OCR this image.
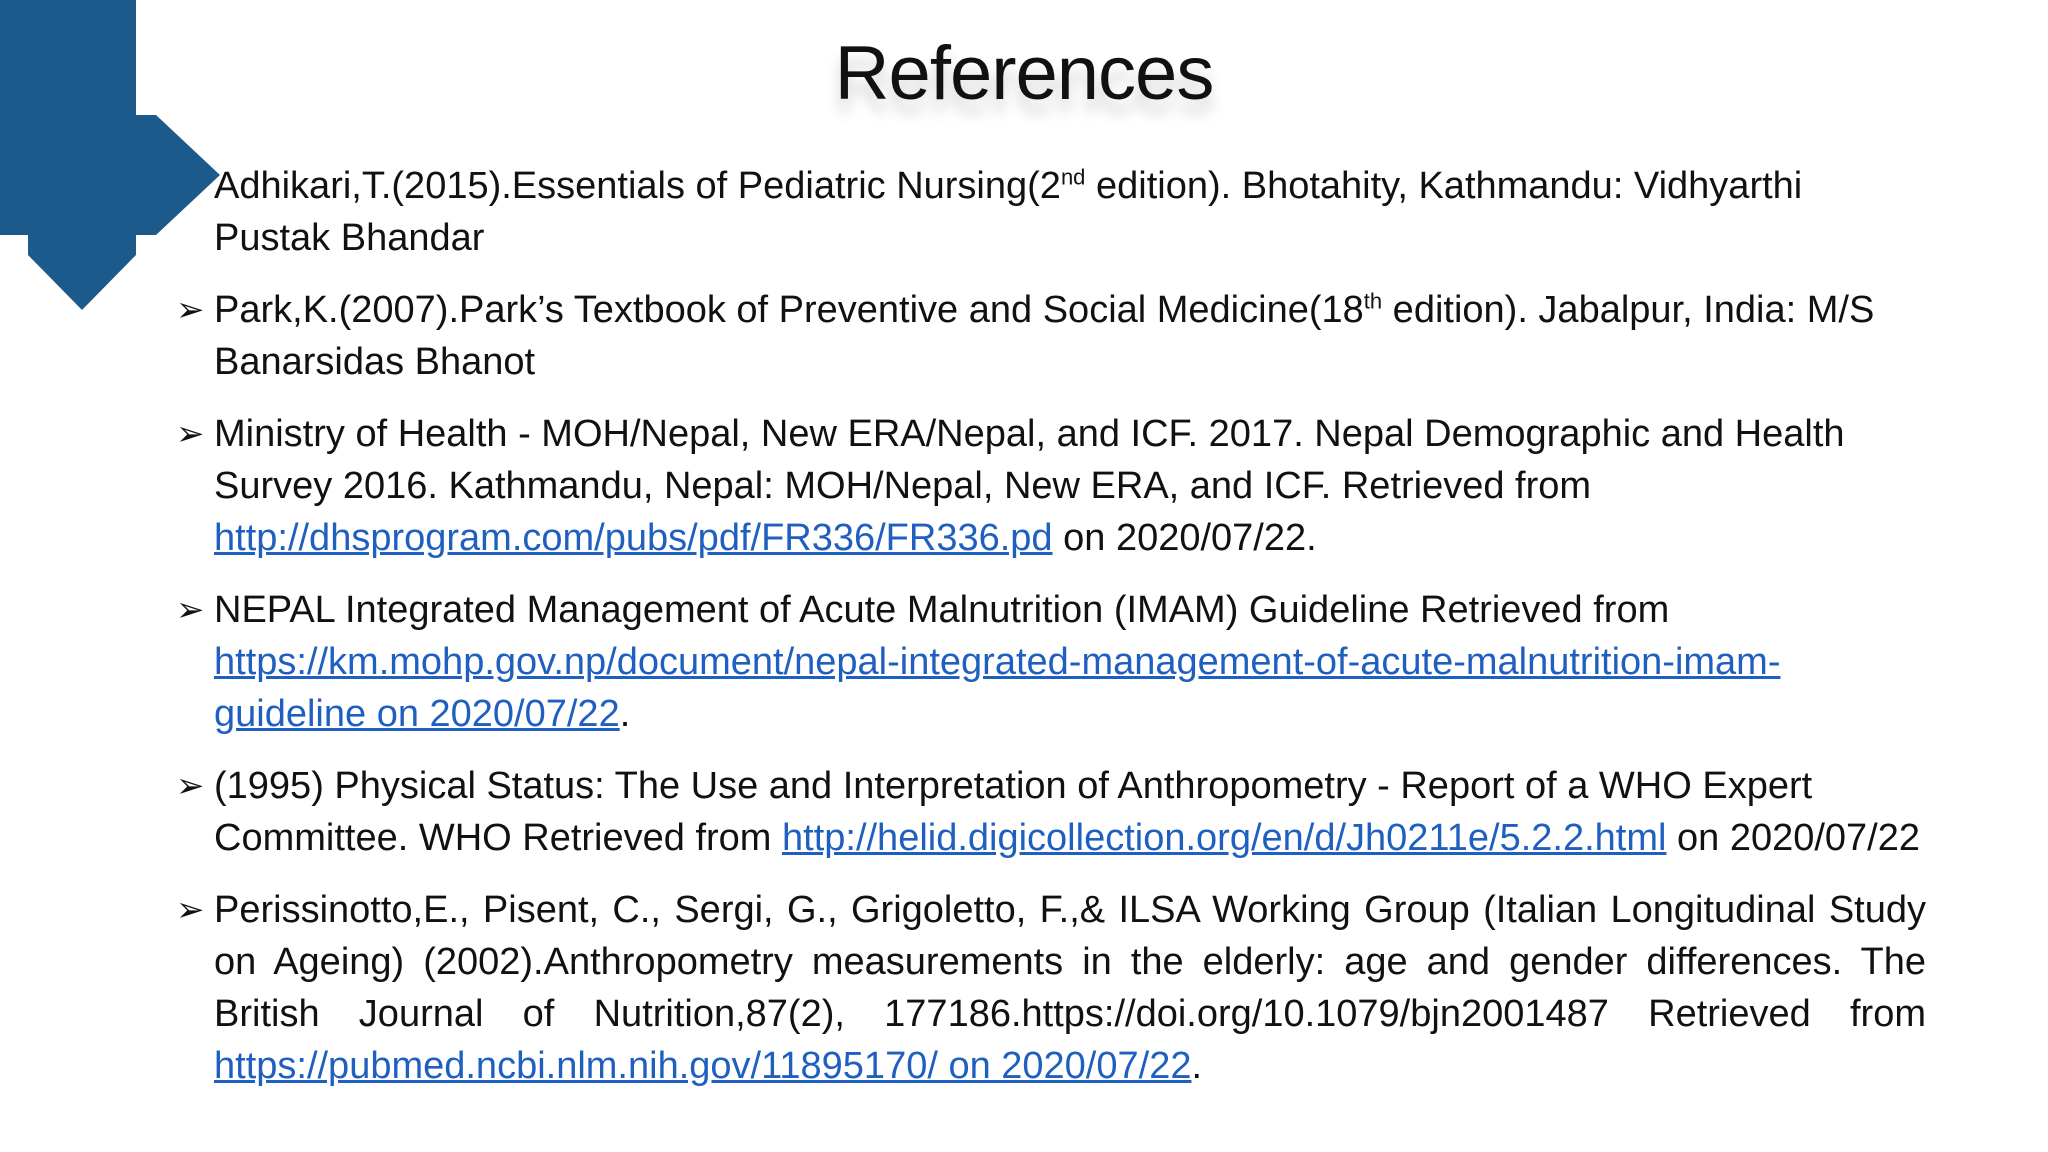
References
Adhikari,T.(2015).Essentials of Pediatric Nursing(2nd edition). Bhotahity, Kathmandu: Vidhyarthi Pustak Bhandar
➢ Park,K.(2007).Park’s Textbook of Preventive and Social Medicine(18th edition). Jabalpur, India: M/S Banarsidas Bhanot
➢ Ministry of Health - MOH/Nepal, New ERA/Nepal, and ICF. 2017. Nepal Demographic and Health Survey 2016. Kathmandu, Nepal: MOH/Nepal, New ERA, and ICF. Retrieved from http://dhsprogram.com/pubs/pdf/FR336/FR336.pd on 2020/07/22.
➢ NEPAL Integrated Management of Acute Malnutrition (IMAM) Guideline Retrieved from https://km.mohp.gov.np/document/nepal-integrated-management-of-acute-malnutrition-imam-guideline on 2020/07/22.
➢ (1995) Physical Status: The Use and Interpretation of Anthropometry - Report of a WHO Expert Committee. WHO Retrieved from http://helid.digicollection.org/en/d/Jh0211e/5.2.2.html on 2020/07/22
➢ Perissinotto,E., Pisent, C., Sergi, G., Grigoletto, F.,& ILSA Working Group (Italian Longitudinal Study on Ageing) (2002).Anthropometry measurements in the elderly: age and gender differences. The British Journal of Nutrition,87(2), 177186.https://doi.org/10.1079/bjn2001487 Retrieved from https://pubmed.ncbi.nlm.nih.gov/11895170/ on 2020/07/22.
